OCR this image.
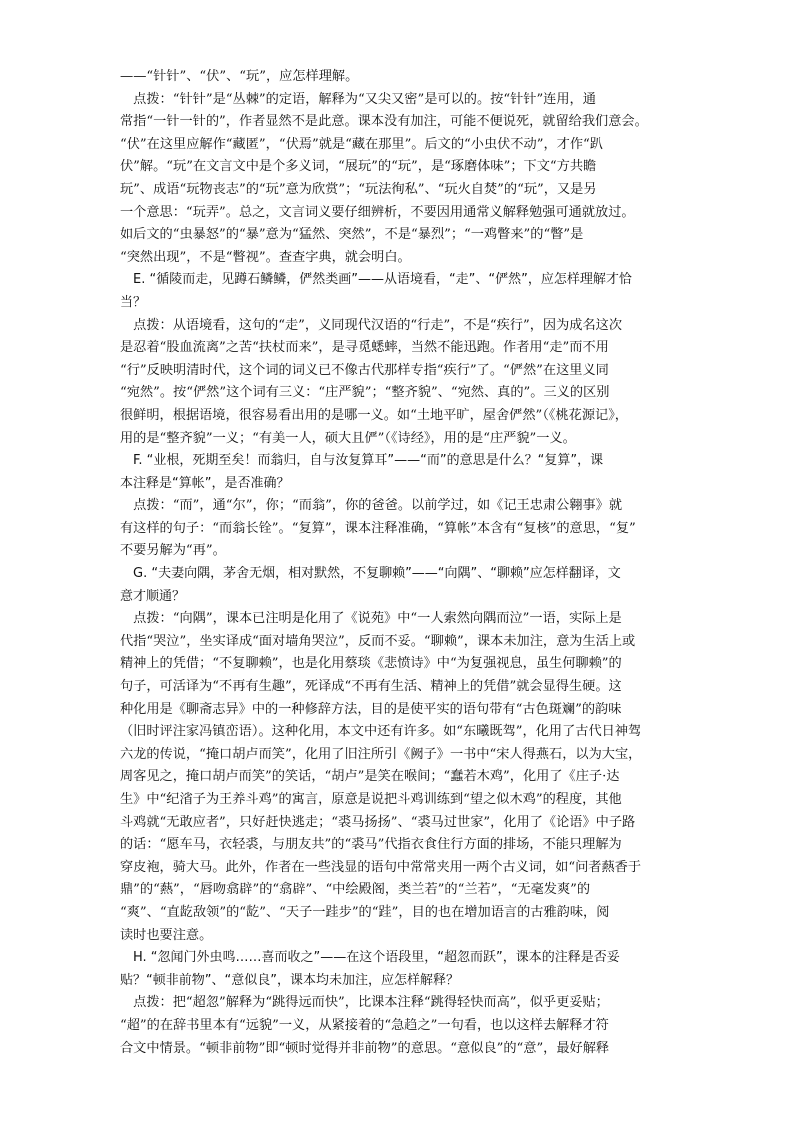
——“针针”、“伏”、“玩”，应怎样理解。
　点拨：“针针”是“丛棘”的定语，解释为“又尖又密”是可以的。按“针针”连用，通
常指“一针一针的”，作者显然不是此意。课本没有加注，可能不便说死，就留给我们意会。
“伏”在这里应解作“藏匿”，“伏焉”就是“藏在那里”。后文的“小虫伏不动”，才作“趴
伏”解。“玩”在文言文中是个多义词，“展玩”的“玩”，是“琢磨体味”；下文“方共瞻
玩”、成语“玩物丧志”的“玩”意为欣赏”；“玩法徇私”、“玩火自焚”的“玩”，又是另
一个意思：“玩弄”。总之，文言词义要仔细辨析，不要因用通常义解释勉强可通就放过。
如后文的“虫暴怒”的“暴”意为“猛然、突然”，不是“暴烈”；“一鸡瞥来”的“瞥”是
“突然出现”，不是“瞥视”。查查字典，就会明白。
　E. “循陵而走，见蹲石鳞鳞，俨然类画”——从语境看，“走”、“俨然”，应怎样理解才恰
当？
　点拨：从语境看，这句的“走”，义同现代汉语的“行走”，不是“疾行”，因为成名这次
是忍着“股血流离”之苦“扶杖而来”，是寻觅蟋蟀，当然不能迅跑。作者用“走”而不用
“行”反映明清时代，这个词的词义已不像古代那样专指“疾行”了。“俨然”在这里义同
“宛然”。按“俨然”这个词有三义：“庄严貌”；“整齐貌”、“宛然、真的”。三义的区别
很鲜明，根据语境，很容易看出用的是哪一义。如“土地平旷，屋舍俨然”（《桃花源记》，
用的是“整齐貌”一义；“有美一人，硕大且俨”（《诗经》，用的是“庄严貌”一义。
　F. “业根，死期至矣！而翁归，自与汝复算耳”——“而”的意思是什么？“复算”，课
本注释是“算帐”，是否准确？
　点拨：“而”，通“尔”，你；“而翁”，你的爸爸。以前学过，如《记王忠肃公翱事》就
有这样的句子：“而翁长铨”。“复算”，课本注释准确，“算帐”本含有“复核”的意思，“复”
不要另解为“再”。
　G. “夫妻向隅，茅舍无烟，相对默然，不复聊赖”——“向隅”、“聊赖”应怎样翻译，文
意才顺通？
　点拨：“向隅”，课本已注明是化用了《说苑》中“一人索然向隅而泣”一语，实际上是
代指“哭泣”，坐实译成“面对墙角哭泣”，反而不妥。“聊赖”，课本未加注，意为生活上或
精神上的凭借；“不复聊赖”，也是化用蔡琰《悲愤诗》中“为复强视息，虽生何聊赖”的
句子，可活译为“不再有生趣”，死译成“不再有生活、精神上的凭借”就会显得生硬。这
种化用是《聊斋志异》中的一种修辞方法，目的是使平实的语句带有“古色斑斓”的韵味
（旧时评注家冯镇峦语）。这种化用，本文中还有许多。如“东曦既驾”，化用了古代日神驾
六龙的传说，“掩口胡卢而笑”，化用了旧注所引《阙子》一书中“宋人得燕石，以为大宝，
周客见之，掩口胡卢而笑”的笑话，“胡卢”是笑在喉间；“蠢若木鸡”，化用了《庄子·达
生》中“纪渻子为王养斗鸡”的寓言，原意是说把斗鸡训练到“望之似木鸡”的程度，其他
斗鸡就“无敢应者”，只好赶快逃走；“裘马扬扬”、“裘马过世家”，化用了《论语》中子路
的话：“愿车马，衣轻裘，与朋友共”的“裘马”代指衣食住行方面的排场，不能只理解为
穿皮袍，骑大马。此外，作者在一些浅显的语句中常常夹用一两个古义词，如“问者爇香于
鼎”的“爇”，“唇吻翕辟”的“翕辟”、“中绘殿阁，类兰若”的“兰若”，“无毫发爽”的
“爽”、“直龁敌领”的“龁”、“天子一跬步”的“跬”，目的也在增加语言的古雅韵味，阅
读时也要注意。
　H. “忽闻门外虫鸣……喜而收之”——在这个语段里，“超忽而跃”，课本的注释是否妥
贴？“顿非前物”、“意似良”，课本均未加注，应怎样解释？
　点拨：把“超忽”解释为“跳得远而快”，比课本注释“跳得轻快而高”，似乎更妥贴；
“超”的在辞书里本有“远貌”一义，从紧接着的“急趋之”一句看，也以这样去解释才符
合文中情景。“顿非前物”即“顿时觉得并非前物”的意思。“意似良”的“意”，最好解释
